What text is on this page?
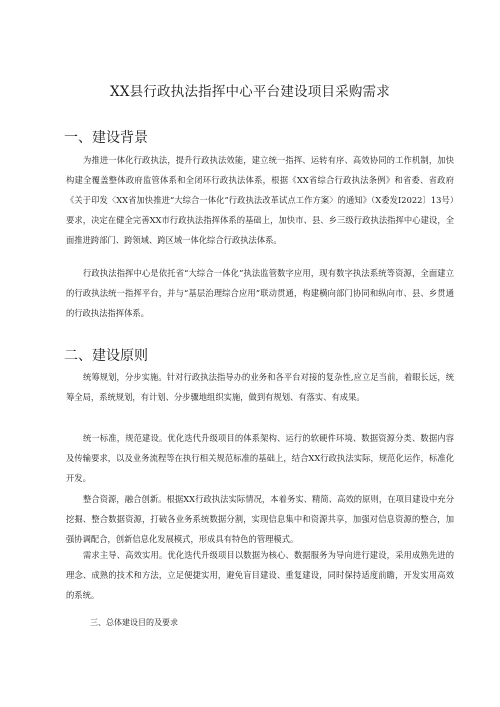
XX县行政执法指挥中心平台建设项目采购需求
一、建设背景
为推进一体化行政执法，提升行政执法效能，建立统一指挥、运转有序、高效协同的工作机制，加快构建全覆盖整体政府监管体系和全闭环行政执法体系，根据《XX省综合行政执法条例》和省委、省政府《关于印发〈XX省加快推进“大综合一体化”行政执法改革试点工作方案〉的通知》（X委发I2022〕13号）要求，决定在健全完善XX市行政执法指挥体系的基础上，加快市、县、乡三级行政执法指挥中心建设，全面推进跨部门、跨领域、跨区域一体化综合行政执法体系。
行政执法指挥中心是依托省“大综合一体化”执法监管数字应用，现有数字执法系统等资源，全面建立的行政执法统一指挥平台，并与“基层治理综合应用”联动贯通，构建横向部门协同和纵向市、县、乡贯通的行政执法指挥体系。
二、建设原则
统筹规划，分步实施。针对行政执法指导办的业务和各平台对接的复杂性,应立足当前，着眼长远，统筹全局，系统规划，有计划、分步骤地组织实施，做到有规划、有落实、有成果。
统一标准，规范建设。优化迭代升级项目的体系架构、运行的软硬件环境、数据资源分类、数据内容及传输要求，以及业务流程等在执行相关规范标准的基础上，结合XX行政执法实际，规范化运作，标准化开发。
整合资源，融合创新。根据XX行政执法实际情况，本着务实、精简、高效的原则，在项目建设中充分挖掘、整合数据资源，打破各业务系统数据分割，实现信息集中和资源共享，加强对信息资源的整合，加强协调配合，创新信息化发展模式，形成具有特色的管理模式。
需求主导、高效实用。优化迭代升级项目以数据为核心、数据服务为导向进行建设，采用成熟先进的理念、成熟的技术和方法，立足便捷实用，避免盲目建设、重复建设，同时保持适度前瞻，开发实用高效的系统。
三、总体建设目的及要求
